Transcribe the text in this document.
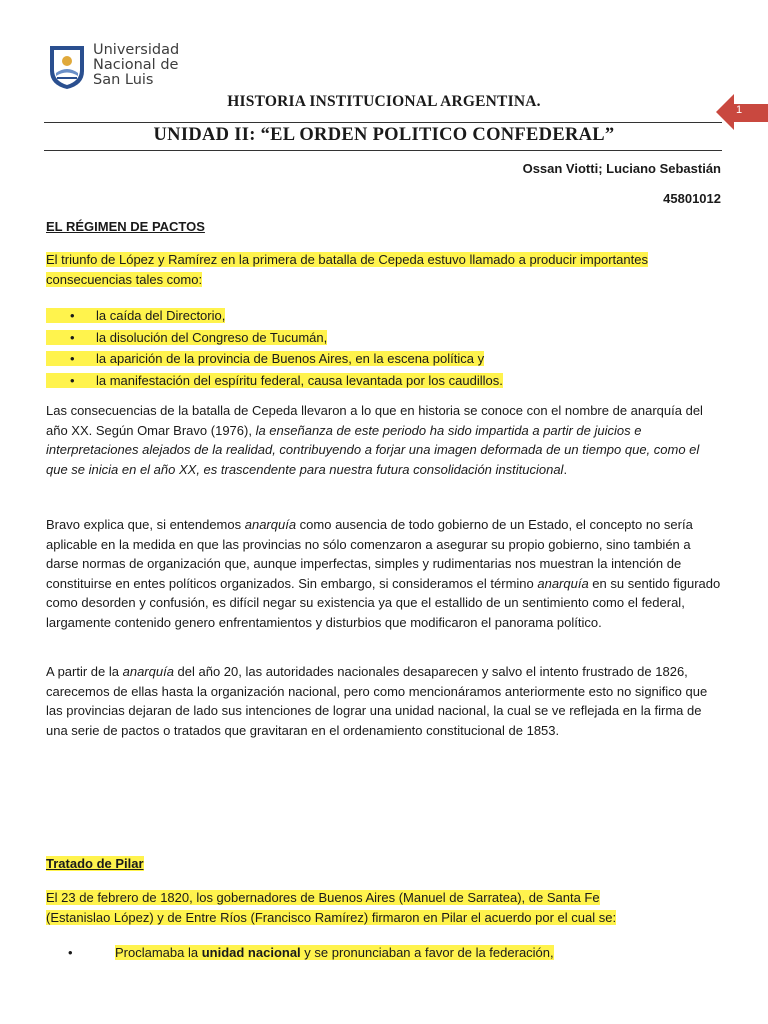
Universidad
Nacional de
San Luis
HISTORIA INSTITUCIONAL ARGENTINA.
UNIDAD II: “EL ORDEN POLITICO CONFEDERAL”
1
Ossan Viotti; Luciano Sebastián
45801012
EL RÉGIMEN DE PACTOS
El triunfo de López y Ramírez en la primera de batalla de Cepeda estuvo llamado a producir importantes
consecuencias tales como:
•	la caída del Directorio,
•	la disolución del Congreso de Tucumán,
•	la aparición de la provincia de Buenos Aires, en la escena política y
•	la manifestación del espíritu federal, causa levantada por los caudillos.
Las consecuencias de la batalla de Cepeda llevaron a lo que en historia se conoce con el nombre de anarquía del año XX. Según Omar Bravo (1976), la enseñanza de este periodo ha sido impartida a partir de juicios e interpretaciones alejados de la realidad, contribuyendo a forjar una imagen deformada de un tiempo que, como el que se inicia en el año XX, es trascendente para nuestra futura consolidación institucional.
Bravo explica que, si entendemos anarquía como ausencia de todo gobierno de un Estado, el concepto no sería aplicable en la medida en que las provincias no sólo comenzaron a asegurar su propio gobierno, sino también a darse normas de organización que, aunque imperfectas, simples y rudimentarias nos muestran la intención de constituirse en entes políticos organizados. Sin embargo, si consideramos el término anarquía en su sentido figurado como desorden y confusión, es difícil negar su existencia ya que el estallido de un sentimiento como el federal, largamente contenido genero enfrentamientos y disturbios que modificaron el panorama político.
A partir de la anarquía del año 20, las autoridades nacionales desaparecen y salvo el intento frustrado de 1826, carecemos de ellas hasta la organización nacional, pero como mencionáramos anteriormente esto no significo que las provincias dejaran de lado sus intenciones de lograr una unidad nacional, la cual se ve reflejada en la firma de una serie de pactos o tratados que gravitaran en el ordenamiento constitucional de 1853.
Tratado de Pilar
El 23 de febrero de 1820, los gobernadores de Buenos Aires (Manuel de Sarratea), de Santa Fe
(Estanislao López) y de Entre Ríos (Francisco Ramírez) firmaron en Pilar el acuerdo por el cual se:
•	Proclamaba la unidad nacional y se pronunciaban a favor de la federación,
